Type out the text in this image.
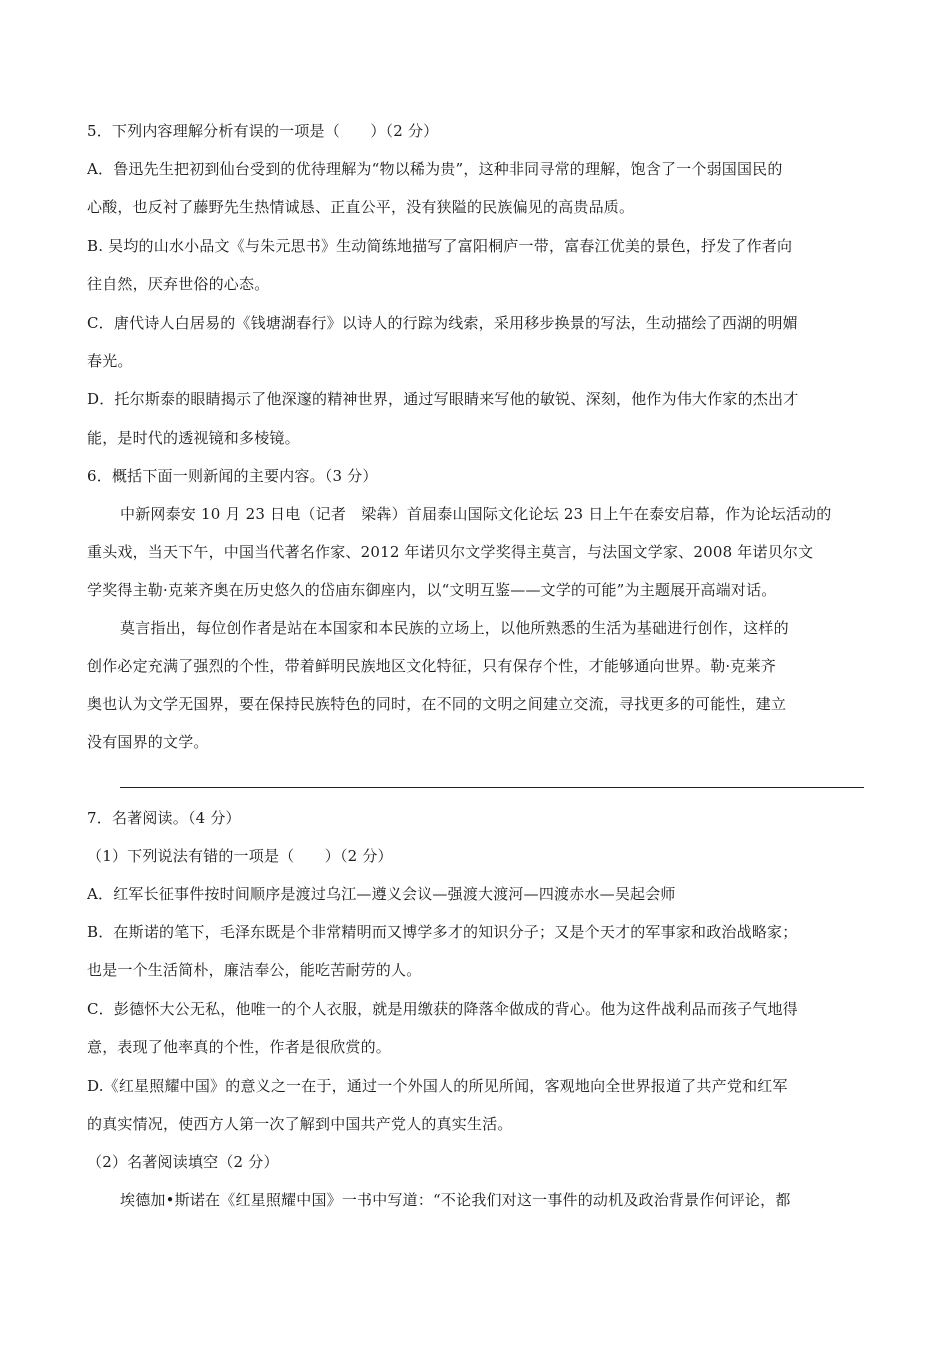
5．下列内容理解分析有误的一项是（　　）（2 分）
A．鲁迅先生把初到仙台受到的优待理解为“物以稀为贵”，这种非同寻常的理解，饱含了一个弱国国民的
心酸，也反衬了藤野先生热情诚恳、正直公平，没有狭隘的民族偏见的高贵品质。
B. 吴均的山水小品文《与朱元思书》生动简练地描写了富阳桐庐一带，富春江优美的景色，抒发了作者向
往自然，厌弃世俗的心态。
C．唐代诗人白居易的《钱塘湖春行》以诗人的行踪为线索，采用移步换景的写法，生动描绘了西湖的明媚
春光。
D．托尔斯泰的眼睛揭示了他深邃的精神世界，通过写眼睛来写他的敏锐、深刻，他作为伟大作家的杰出才
能，是时代的透视镜和多棱镜。
6．概括下面一则新闻的主要内容。（3 分）
中新网泰安 10 月 23 日电（记者　梁犇）首届泰山国际文化论坛 23 日上午在泰安启幕，作为论坛活动的
重头戏，当天下午，中国当代著名作家、2012 年诺贝尔文学奖得主莫言，与法国文学家、2008 年诺贝尔文
学奖得主勒·克莱齐奥在历史悠久的岱庙东御座内，以“文明互鉴——文学的可能”为主题展开高端对话。
莫言指出，每位创作者是站在本国家和本民族的立场上，以他所熟悉的生活为基础进行创作，这样的
创作必定充满了强烈的个性，带着鲜明民族地区文化特征，只有保存个性，才能够通向世界。勒·克莱齐
奥也认为文学无国界，要在保持民族特色的同时，在不同的文明之间建立交流，寻找更多的可能性，建立
没有国界的文学。
7．名著阅读。（4 分）
（1）下列说法有错的一项是（　　）（2 分）
A．红军长征事件按时间顺序是渡过乌江—遵义会议—强渡大渡河—四渡赤水—吴起会师
B．在斯诺的笔下，毛泽东既是个非常精明而又博学多才的知识分子；又是个天才的军事家和政治战略家；
也是一个生活简朴，廉洁奉公，能吃苦耐劳的人。
C．彭德怀大公无私，他唯一的个人衣服，就是用缴获的降落伞做成的背心。他为这件战利品而孩子气地得
意，表现了他率真的个性，作者是很欣赏的。
D.《红星照耀中国》的意义之一在于，通过一个外国人的所见所闻，客观地向全世界报道了共产党和红军
的真实情况，使西方人第一次了解到中国共产党人的真实生活。
（2）名著阅读填空（2 分）
埃德加•斯诺在《红星照耀中国》一书中写道：“不论我们对这一事件的动机及政治背景作何评论，都
